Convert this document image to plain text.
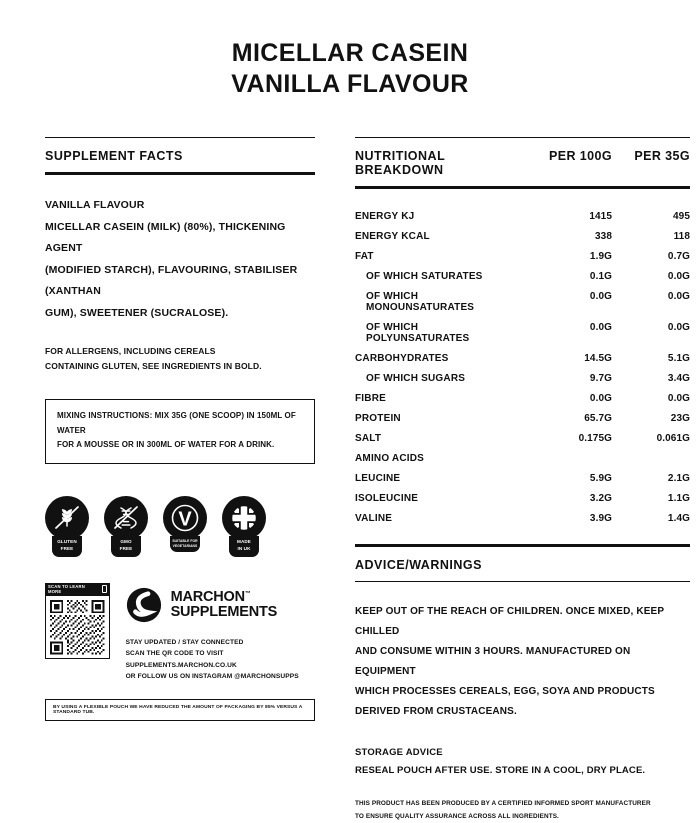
MICELLAR CASEIN
VANILLA FLAVOUR
SUPPLEMENT FACTS
VANILLA FLAVOUR
MICELLAR CASEIN (MILK) (80%), THICKENING AGENT
(MODIFIED STARCH), FLAVOURING, STABILISER (XANTHAN
GUM), SWEETENER (SUCRALOSE).
FOR ALLERGENS, INCLUDING CEREALS
CONTAINING GLUTEN, SEE INGREDIENTS IN BOLD.
MIXING INSTRUCTIONS: MIX 35G (ONE SCOOP) IN 150ML OF WATER
FOR A MOUSSE OR IN 300ML OF WATER FOR A DRINK.
GLUTEN
FREE
GMO
FREE
V
SUITABLE FOR
VEGETARIANS
MADE
IN UK
SCAN TO LEARN MORE	MARCHON™
SUPPLEMENTS
STAY UPDATED / STAY CONNECTED
SCAN THE QR CODE TO VISIT SUPPLEMENTS.MARCHON.CO.UK
OR FOLLOW US ON INSTAGRAM @MARCHONSUPPS
BY USING A FLEXIBLE POUCH WE HAVE REDUCED THE AMOUNT OF PACKAGING BY 85% VERSUS A STANDARD TUB.
NUTRITIONAL BREAKDOWN
PER 100G	PER 35G
ENERGY KJ	1415	495
ENERGY KCAL	338	118
FAT	1.9G	0.7G
OF WHICH SATURATES	0.1G	0.0G
OF WHICH MONOUNSATURATES
0.0G	0.0G
OF WHICH POLYUNSATURATES
0.0G	0.0G
CARBOHYDRATES	14.5G	5.1G
OF WHICH SUGARS	9.7G	3.4G
FIBRE	0.0G	0.0G
PROTEIN	65.7G	23G
SALT	0.175G	0.061G
AMINO ACIDS
LEUCINE	5.9G	2.1G
ISOLEUCINE	3.2G	1.1G
VALINE	3.9G	1.4G
ADVICE/WARNINGS
KEEP OUT OF THE REACH OF CHILDREN. ONCE MIXED, KEEP CHILLED
AND CONSUME WITHIN 3 HOURS. MANUFACTURED ON EQUIPMENT
WHICH PROCESSES CEREALS, EGG, SOYA AND PRODUCTS
DERIVED FROM CRUSTACEANS.
STORAGE ADVICE
RESEAL POUCH AFTER USE. STORE IN A COOL, DRY PLACE.
THIS PRODUCT HAS BEEN PRODUCED BY A CERTIFIED INFORMED SPORT MANUFACTURER
TO ENSURE QUALITY ASSURANCE ACROSS ALL INGREDIENTS.
